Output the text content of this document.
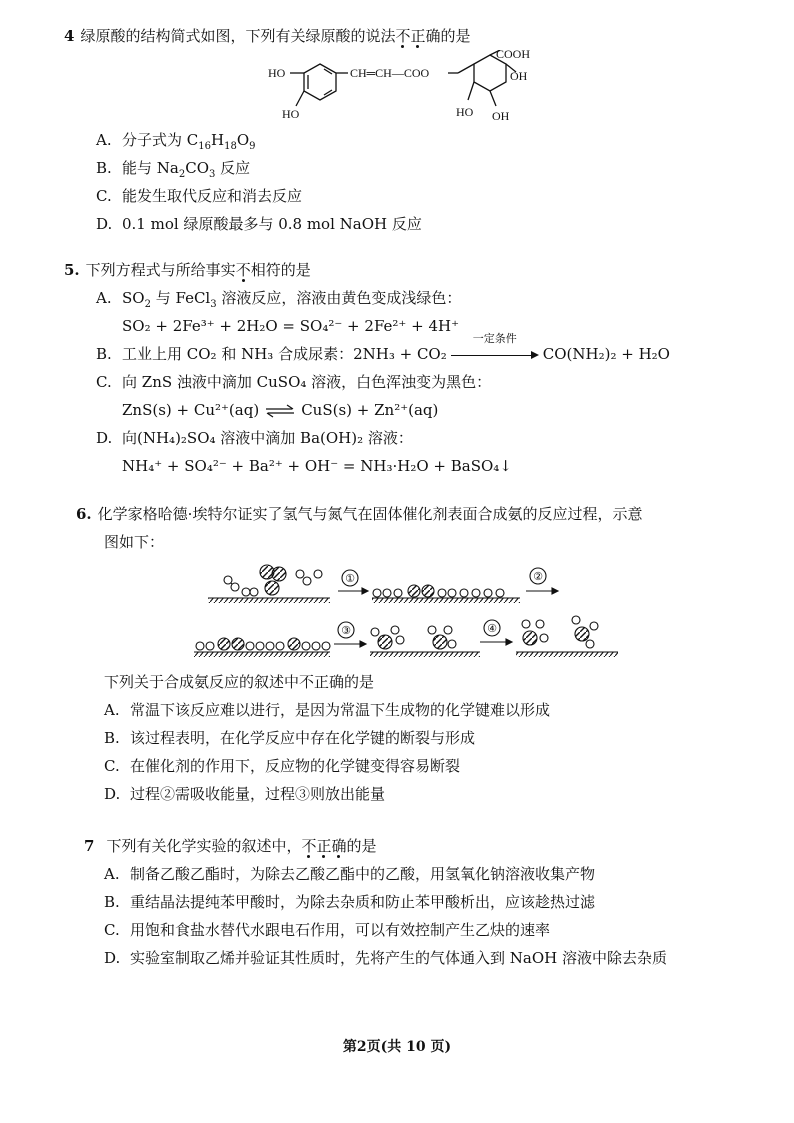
4 绿原酸的结构简式如图，下列有关绿原酸的说法不正确的是
HO
HO
CH═CH—COO
COOH
OH
HO OH
A. 分子式为 $C_{16}H_{18}O_9$
B. 能与 $Na_2CO_3$ 反应
C. 能发生取代反应和消去反应
D. 0.1 mol 绿原酸最多与 0.8 mol NaOH 反应
5. 下列方程式与所给事实不相符的是
A. $SO_2$ 与 FeCl$_3$ 溶液反应，溶液由黄色变成浅绿色：
SO₂ + 2Fe³⁺ + 2H₂O = SO₄²⁻ + 2Fe²⁺ + 4H⁺
B. 工业上用 CO₂ 和 NH₃ 合成尿素：2NH₃ + CO₂
一定条件
CO(NH₂)₂ + H₂O
C. 向 ZnS 浊液中滴加 CuSO₄ 溶液，白色浑浊变为黑色：
ZnS(s) + Cu²⁺(aq) ⇌ CuS(s) + Zn²⁺(aq)
D. 向(NH₄)₂SO₄ 溶液中滴加 Ba(OH)₂ 溶液：
NH₄⁺ + SO₄²⁻ + Ba²⁺ + OH⁻ = NH₃·H₂O + BaSO₄↓
6. 化学家格哈德·埃特尔证实了氢气与氮气在固体催化剂表面合成氨的反应过程，示意
图如下：
①	②
③	④
下列关于合成氨反应的叙述中不正确的是
A. 常温下该反应难以进行，是因为常温下生成物的化学键难以形成
B. 该过程表明，在化学反应中存在化学键的断裂与形成
C. 在催化剂的作用下，反应物的化学键变得容易断裂
D. 过程②需吸收能量，过程③则放出能量
7 下列有关化学实验的叙述中，不正确的是
A. 制备乙酸乙酯时，为除去乙酸乙酯中的乙酸，用氢氧化钠溶液收集产物
B. 重结晶法提纯苯甲酸时，为除去杂质和防止苯甲酸析出，应该趁热过滤
C. 用饱和食盐水替代水跟电石作用，可以有效控制产生乙炔的速率
D. 实验室制取乙烯并验证其性质时，先将产生的气体通入到 NaOH 溶液中除去杂质
第2页(共 10 页)
